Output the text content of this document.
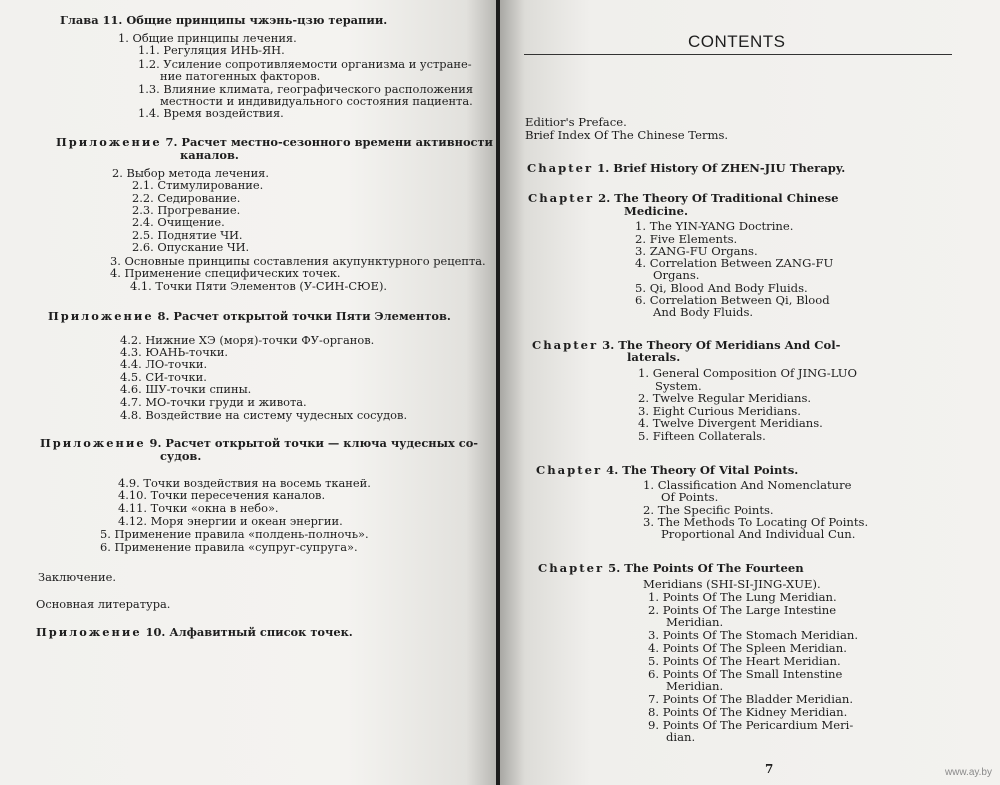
Глава 11. Общие принципы чжэнь-цзю терапии.
1. Общие принципы лечения.
1.1. Регуляция ИНЬ-ЯН.
1.2. Усиление сопротивляемости организма и устране-
ние патогенных факторов.
1.3. Влияние климата, географического расположения
местности и индивидуального состояния пациента.
1.4. Время воздействия.
Приложение 7. Расчет местно-сезонного времени активности
каналов.
2. Выбор метода лечения.
2.1. Стимулирование.
2.2. Седирование.
2.3. Прогревание.
2.4. Очищение.
2.5. Поднятие ЧИ.
2.6. Опускание ЧИ.
3. Основные принципы составления акупунктурного рецепта.
4. Применение специфических точек.
4.1. Точки Пяти Элементов (У-СИН-СЮЕ).
Приложение 8. Расчет открытой точки Пяти Элементов.
4.2. Нижние ХЭ (моря)-точки ФУ-органов.
4.3. ЮАНЬ-точки.
4.4. ЛО-точки.
4.5. СИ-точки.
4.6. ШУ-точки спины.
4.7. МО-точки груди и живота.
4.8. Воздействие на систему чудесных сосудов.
Приложение 9. Расчет открытой точки — ключа чудесных со-
судов.
4.9. Точки воздействия на восемь тканей.
4.10. Точки пересечения каналов.
4.11. Точки «окна в небо».
4.12. Моря энергии и океан энергии.
5. Применение правила «полдень-полночь».
6. Применение правила «супруг-супруга».
Заключение.
Основная литература.
Приложение 10. Алфавитный список точек.
CONTENTS
Editior's Preface.
Brief Index Of The Chinese Terms.
Chapter 1. Brief History Of ZHEN-JIU Therapy.
Chapter 2. The Theory Of Traditional Chinese
Medicine.
1. The YIN-YANG Doctrine.
2. Five Elements.
3. ZANG-FU Organs.
4. Correlation Between ZANG-FU
Organs.
5. Qi, Blood And Body Fluids.
6. Correlation Between Qi, Blood
And Body Fluids.
Chapter 3. The Theory Of Meridians And Col-
laterals.
1. General Composition Of JING-LUO
System.
2. Twelve Regular Meridians.
3. Eight Curious Meridians.
4. Twelve Divergent Meridians.
5. Fifteen Collaterals.
Chapter 4. The Theory Of Vital Points.
1. Classification And Nomenclature
Of Points.
2. The Specific Points.
3. The Methods To Locating Of Points.
Proportional And Individual Cun.
Chapter 5. The Points Of The Fourteen
Meridians (SHI-SI-JING-XUE).
1. Points Of The Lung Meridian.
2. Points Of The Large Intestine
Meridian.
3. Points Of The Stomach Meridian.
4. Points Of The Spleen Meridian.
5. Points Of The Heart Meridian.
6. Points Of The Small Intenstine
Meridian.
7. Points Of The Bladder Meridian.
8. Points Of The Kidney Meridian.
9. Points Of The Pericardium Meri-
dian.
7	www.ay.by
